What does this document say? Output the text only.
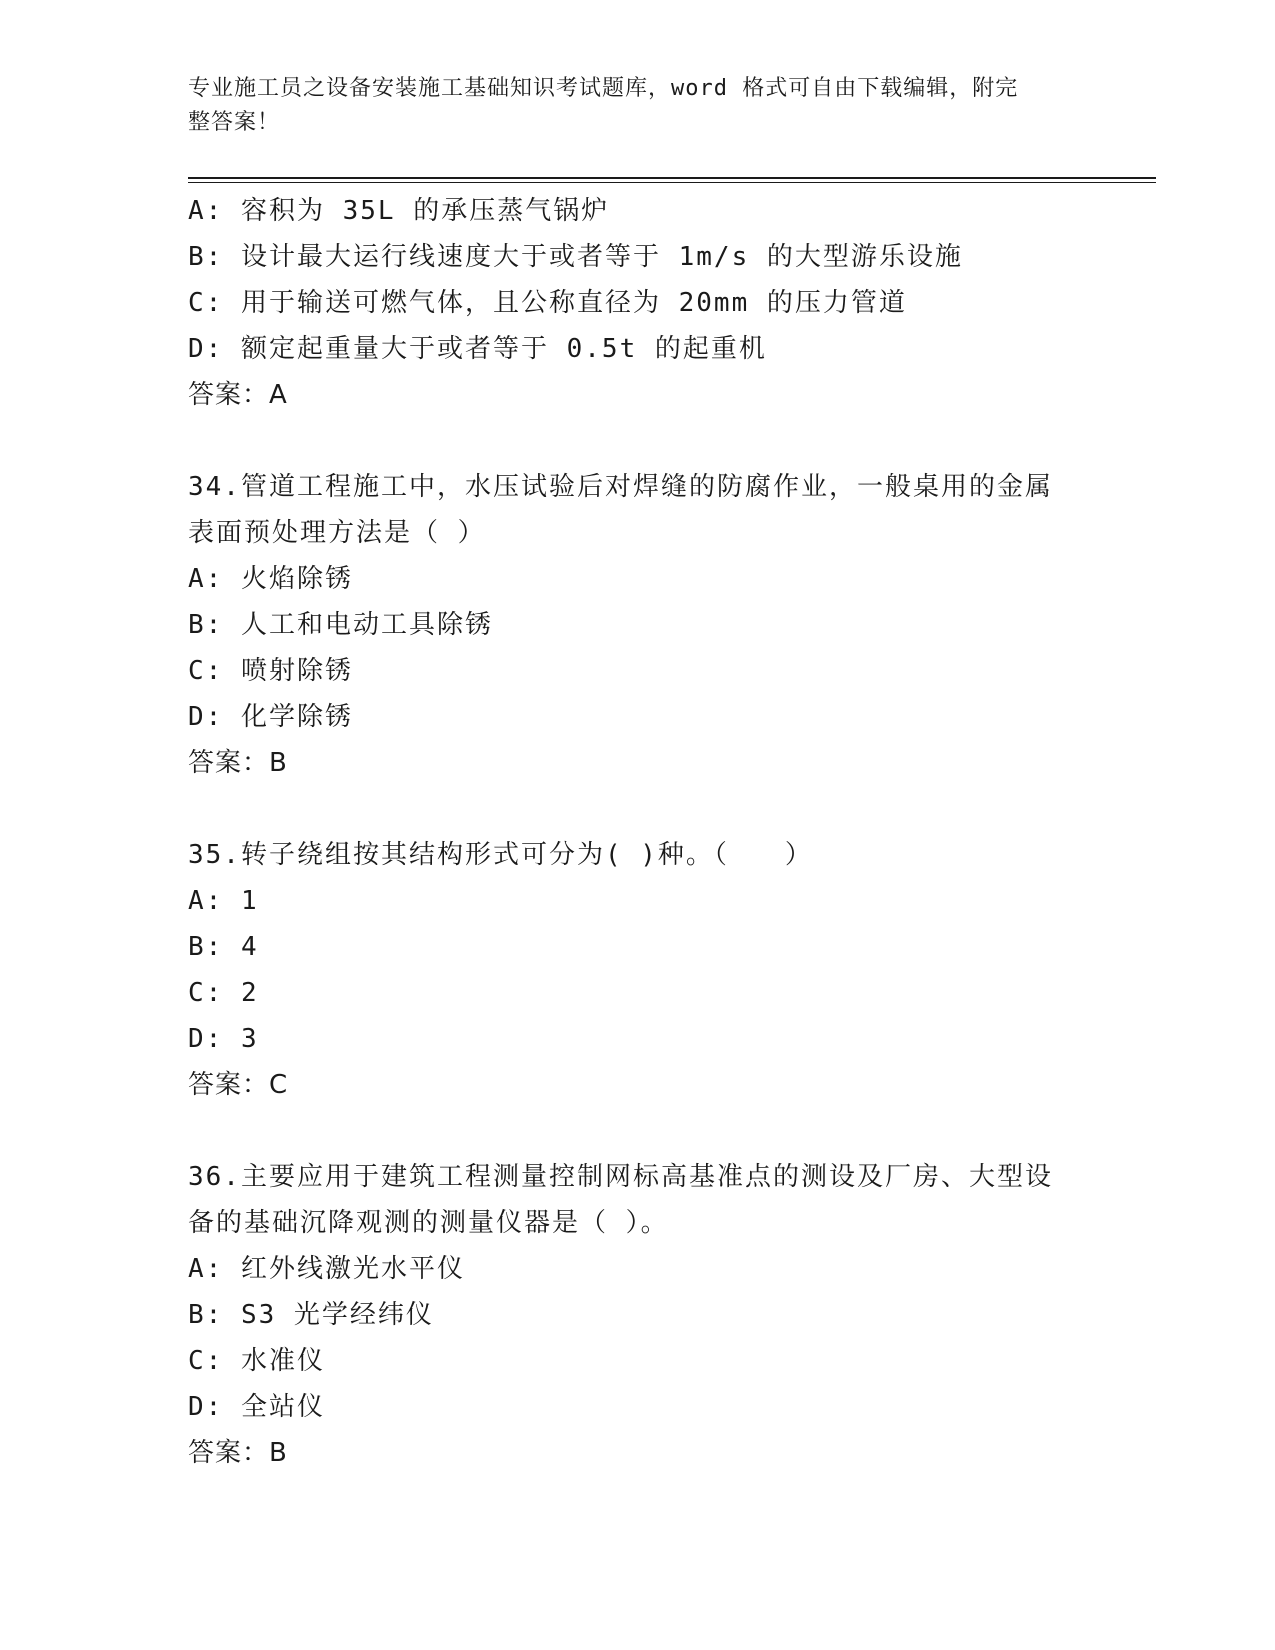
专业施工员之设备安装施工基础知识考试题库，word 格式可自由下载编辑，附完
整答案！
A: 容积为 35L 的承压蒸气锅炉
B: 设计最大运行线速度大于或者等于 1m/s 的大型游乐设施
C: 用于输送可燃气体，且公称直径为 20mm 的压力管道
D: 额定起重量大于或者等于 0.5t 的起重机
答案：A
34.管道工程施工中，水压试验后对焊缝的防腐作业，一般桌用的金属
表面预处理方法是（ ）
A: 火焰除锈
B: 人工和电动工具除锈
C: 喷射除锈
D: 化学除锈
答案：B
35.转子绕组按其结构形式可分为( )种。（　　）
A: 1
B: 4
C: 2
D: 3
答案：C
36.主要应用于建筑工程测量控制网标高基准点的测设及厂房、大型设
备的基础沉降观测的测量仪器是（ ）。
A: 红外线激光水平仪
B: S3 光学经纬仪
C: 水准仪
D: 全站仪
答案：B
